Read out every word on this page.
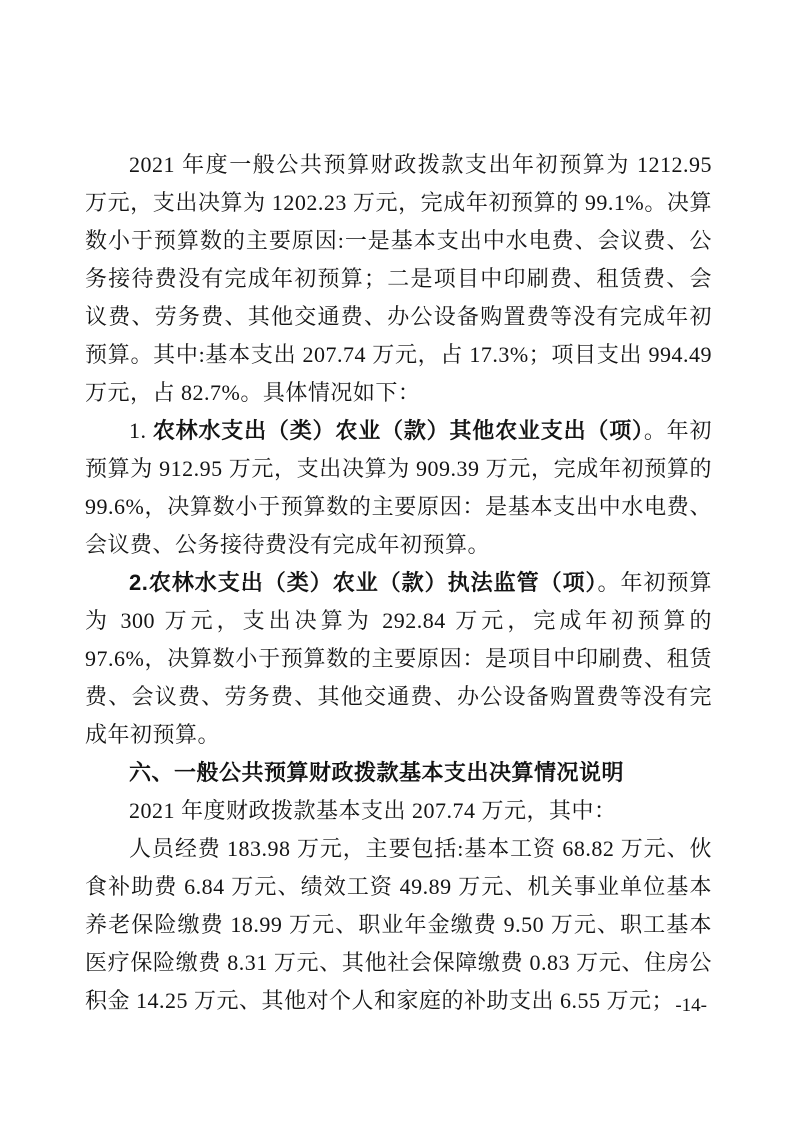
2021 年度一般公共预算财政拨款支出年初预算为 1212.95 万元，支出决算为 1202.23 万元，完成年初预算的 99.1%。决算数小于预算数的主要原因:一是基本支出中水电费、会议费、公务接待费没有完成年初预算；二是项目中印刷费、租赁费、会议费、劳务费、其他交通费、办公设备购置费等没有完成年初预算。其中:基本支出 207.74 万元，占 17.3%；项目支出 994.49 万元，占 82.7%。具体情况如下：

1. 农林水支出（类）农业（款）其他农业支出（项）。年初预算为 912.95 万元，支出决算为 909.39 万元，完成年初预算的 99.6%，决算数小于预算数的主要原因：是基本支出中水电费、会议费、公务接待费没有完成年初预算。

2.农林水支出（类）农业（款）执法监管（项）。年初预算为 300 万元，支出决算为 292.84 万元，完成年初预算的 97.6%，决算数小于预算数的主要原因：是项目中印刷费、租赁费、会议费、劳务费、其他交通费、办公设备购置费等没有完成年初预算。

六、一般公共预算财政拨款基本支出决算情况说明

2021 年度财政拨款基本支出 207.74 万元，其中：

人员经费 183.98 万元，主要包括:基本工资 68.82 万元、伙食补助费 6.84 万元、绩效工资 49.89 万元、机关事业单位基本养老保险缴费 18.99 万元、职业年金缴费 9.50 万元、职工基本医疗保险缴费 8.31 万元、其他社会保障缴费 0.83 万元、住房公积金 14.25 万元、其他对个人和家庭的补助支出 6.55 万元； -14-
